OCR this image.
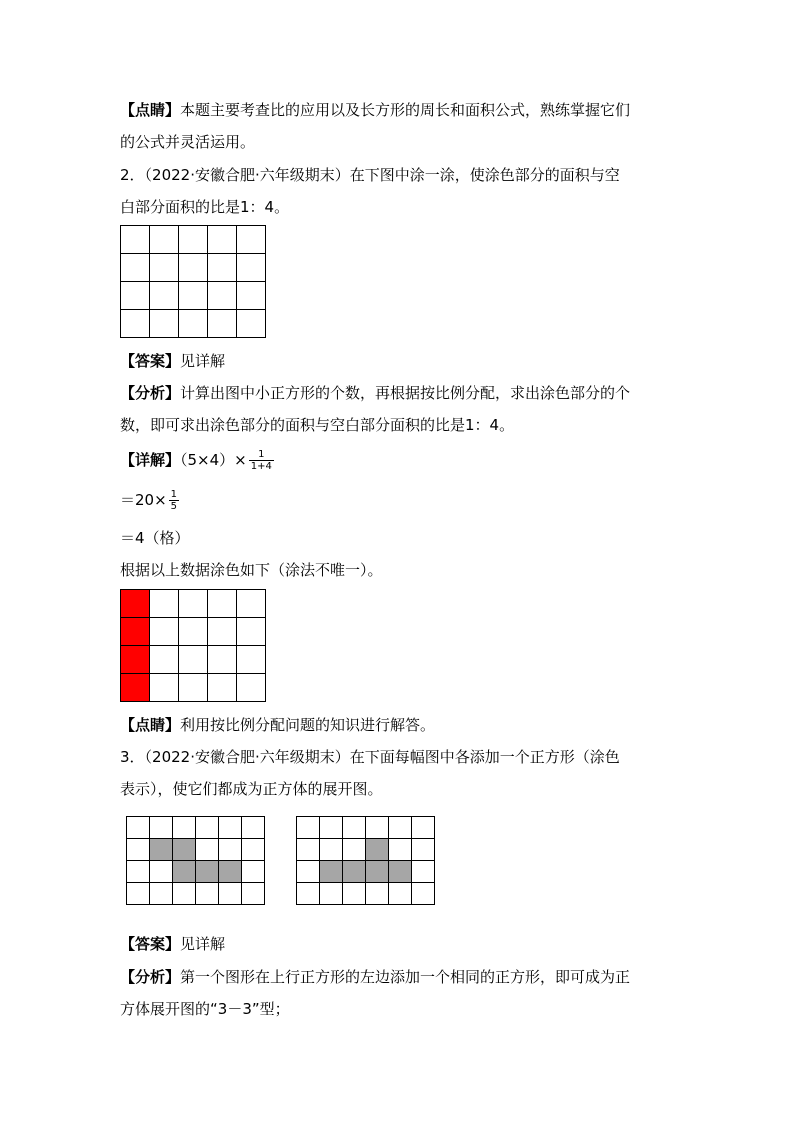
【点睛】本题主要考查比的应用以及长方形的周长和面积公式，熟练掌握它们
的公式并灵活运用。
2．（2022·安徽合肥·六年级期末）在下图中涂一涂，使涂色部分的面积与空
白部分面积的比是1：4。

【答案】见详解
【分析】计算出图中小正方形的个数，再根据按比例分配，求出涂色部分的个
数，即可求出涂色部分的面积与空白部分面积的比是1：4。
【详解】$(5\times 4)\times \frac{1}{1+4}$
$=20\times \frac{1}{5}$
＝4（格）
根据以上数据涂色如下（涂法不唯一）。

【点睛】利用按比例分配问题的知识进行解答。
3．（2022·安徽合肥·六年级期末）在下面每幅图中各添加一个正方形（涂色
表示），使它们都成为正方体的展开图。

【答案】见详解
【分析】第一个图形在上行正方形的左边添加一个相同的正方形，即可成为正
方体展开图的“3－3”型；
